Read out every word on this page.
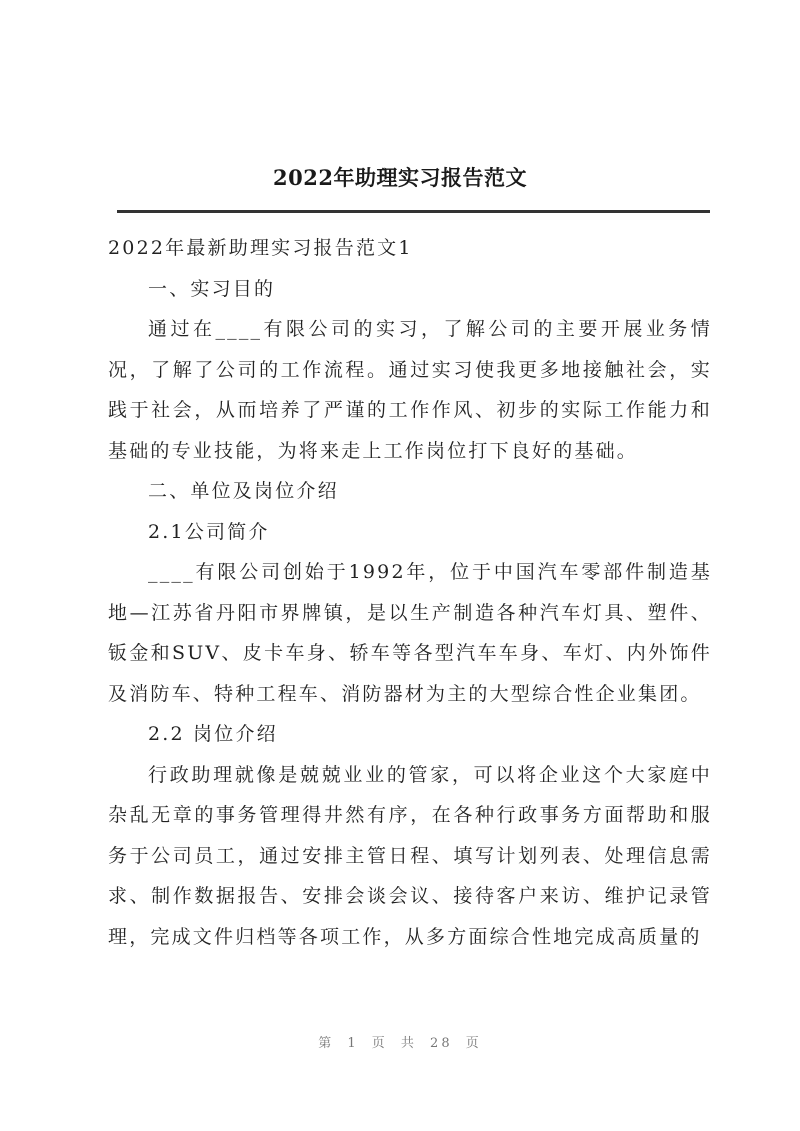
2022年助理实习报告范文

2022年最新助理实习报告范文1

一、实习目的

通过在____有限公司的实习，了解公司的主要开展业务情况，了解了公司的工作流程。通过实习使我更多地接触社会，实践于社会，从而培养了严谨的工作作风、初步的实际工作能力和基础的专业技能，为将来走上工作岗位打下良好的基础。

二、单位及岗位介绍

2.1公司简介

____有限公司创始于1992年，位于中国汽车零部件制造基地—江苏省丹阳市界牌镇，是以生产制造各种汽车灯具、塑件、钣金和SUV、皮卡车身、轿车等各型汽车车身、车灯、内外饰件及消防车、特种工程车、消防器材为主的大型综合性企业集团。

2.2 岗位介绍

行政助理就像是兢兢业业的管家，可以将企业这个大家庭中杂乱无章的事务管理得井然有序，在各种行政事务方面帮助和服务于公司员工，通过安排主管日程、填写计划列表、处理信息需求、制作数据报告、安排会谈会议、接待客户来访、维护记录管理，完成文件归档等各项工作，从多方面综合性地完成高质量的

第 1 页 共 28 页
